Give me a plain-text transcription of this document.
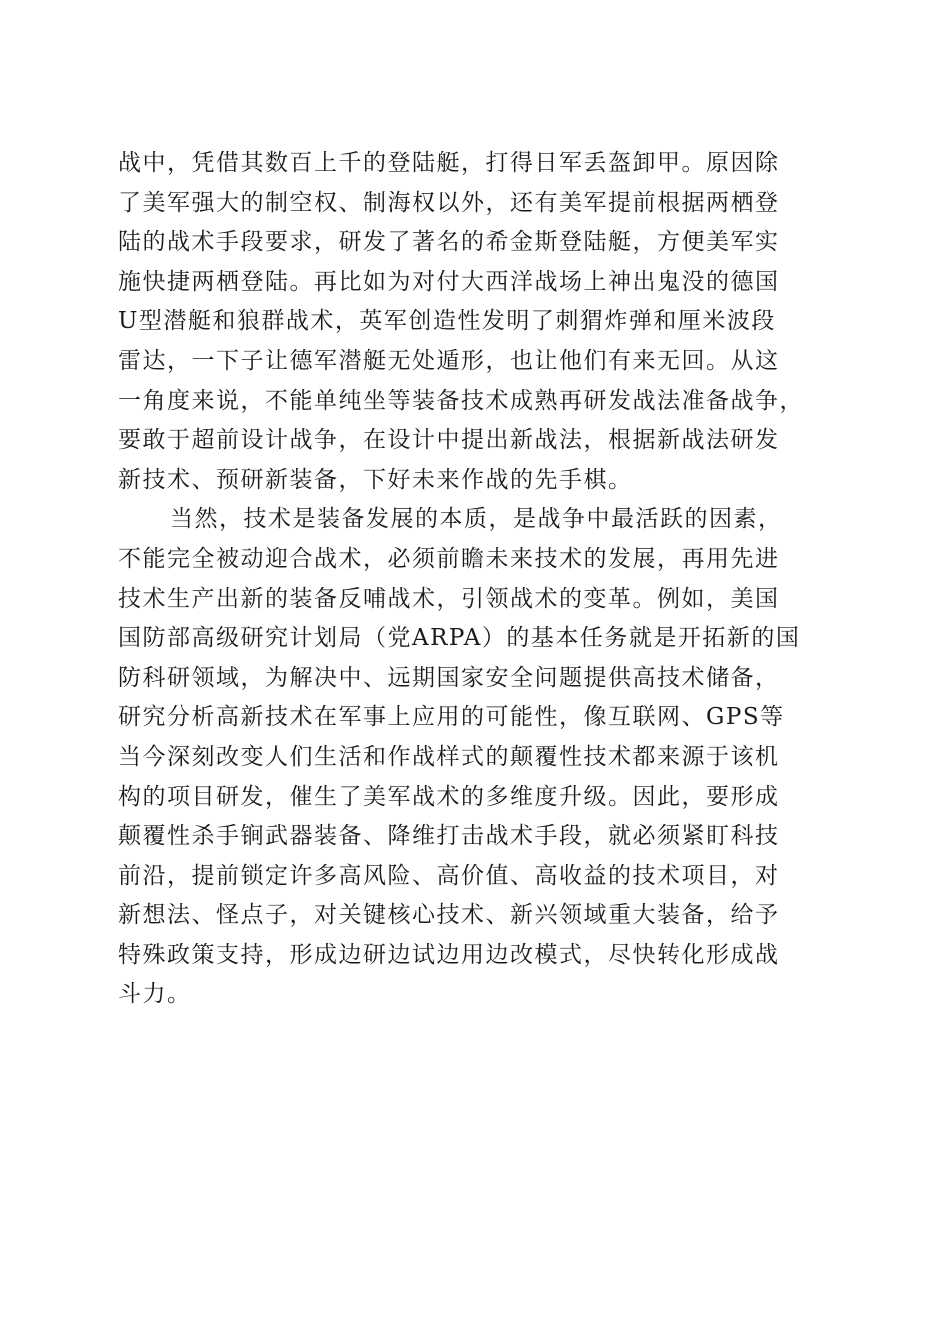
战中，凭借其数百上千的登陆艇，打得日军丢盔卸甲。原因除
了美军强大的制空权、制海权以外，还有美军提前根据两栖登
陆的战术手段要求，研发了著名的希金斯登陆艇，方便美军实
施快捷两栖登陆。再比如为对付大西洋战场上神出鬼没的德国
U型潜艇和狼群战术，英军创造性发明了刺猬炸弹和厘米波段
雷达，一下子让德军潜艇无处遁形，也让他们有来无回。从这
一角度来说，不能单纯坐等装备技术成熟再研发战法准备战争，
要敢于超前设计战争，在设计中提出新战法，根据新战法研发
新技术、预研新装备，下好未来作战的先手棋。
当然，技术是装备发展的本质，是战争中最活跃的因素，
不能完全被动迎合战术，必须前瞻未来技术的发展，再用先进
技术生产出新的装备反哺战术，引领战术的变革。例如，美国
国防部高级研究计划局（党ARPA）的基本任务就是开拓新的国
防科研领域，为解决中、远期国家安全问题提供高技术储备，
研究分析高新技术在军事上应用的可能性，像互联网、GPS等
当今深刻改变人们生活和作战样式的颠覆性技术都来源于该机
构的项目研发，催生了美军战术的多维度升级。因此，要形成
颠覆性杀手锏武器装备、降维打击战术手段，就必须紧盯科技
前沿，提前锁定许多高风险、高价值、高收益的技术项目，对
新想法、怪点子，对关键核心技术、新兴领域重大装备，给予
特殊政策支持，形成边研边试边用边改模式，尽快转化形成战
斗力。
